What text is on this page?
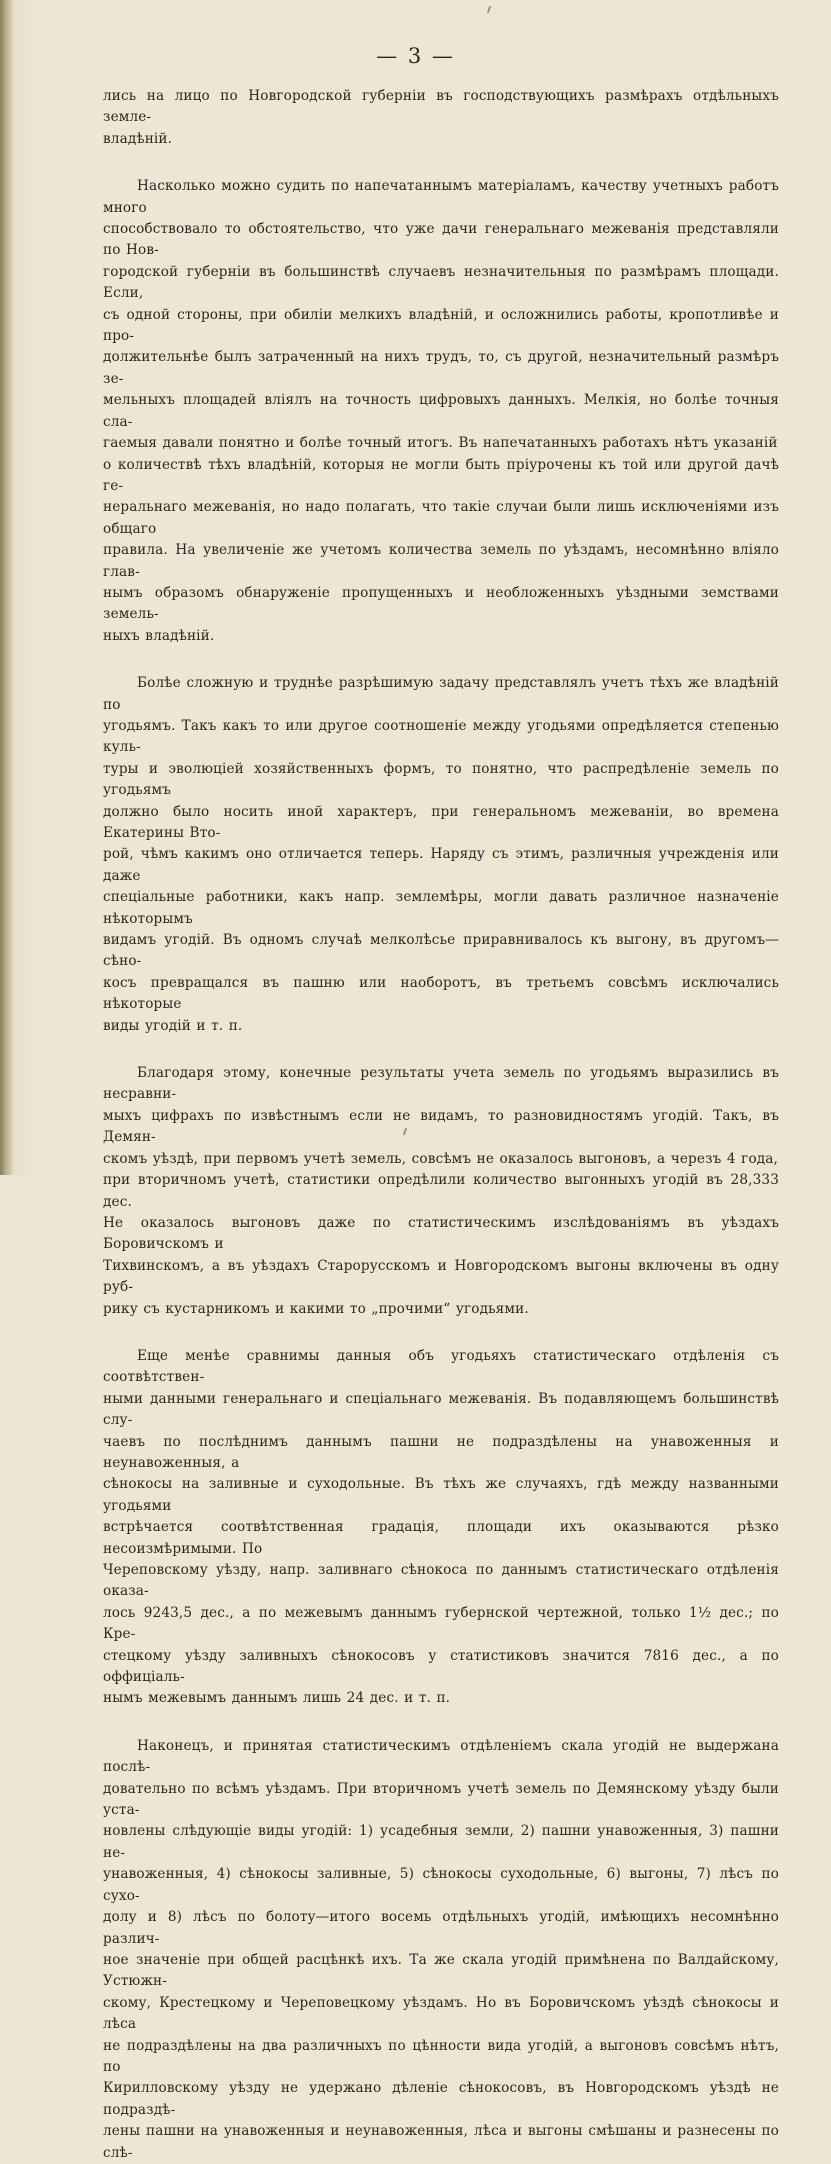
— 3 —

лись на лицо по Новгородской губернiи въ господствующихъ размѣрахъ отдѣльныхъ земле-
владѣнiй.

Насколько можно судить по напечатаннымъ матерiаламъ, качеству учетныхъ работъ много
способствовало то обстоятельство, что уже дачи генеральнаго межеванiя представляли по Нов-
городской губернiи въ большинствѣ случаевъ незначительныя по размѣрамъ площади. Если,
съ одной стороны, при обилiи мелкихъ владѣнiй, и осложнились работы, кропотливѣе и про-
должительнѣе былъ затраченный на нихъ трудъ, то, съ другой, незначительный размѣръ зе-
мельныхъ площадей влiялъ на точность цифровыхъ данныхъ. Мелкiя, но болѣе точныя сла-
гаемыя давали понятно и болѣе точный итогъ. Въ напечатанныхъ работахъ нѣтъ указанiй
о количествѣ тѣхъ владѣнiй, которыя не могли быть прiурочены къ той или другой дачѣ ге-
неральнаго межеванiя, но надо полагать, что такiе случаи были лишь исключенiями изъ общаго
правила. На увеличенiе же учетомъ количества земель по уѣздамъ, несомнѣнно влiяло глав-
нымъ образомъ обнаруженiе пропущенныхъ и необложенныхъ уѣздными земствами земель-
ныхъ владѣнiй.

Болѣе сложную и труднѣе разрѣшимую задачу представлялъ учетъ тѣхъ же владѣнiй по
угодьямъ. Такъ какъ то или другое соотношенiе между угодьями опредѣляется степенью куль-
туры и эволюцiей хозяйственныхъ формъ, то понятно, что распредѣленiе земель по угодьямъ
должно было носить иной характеръ, при генеральномъ межеванiи, во времена Екатерины Вто-
рой, чѣмъ какимъ оно отличается теперь. Наряду съ этимъ, различныя учрежденiя или даже
спецiальные работники, какъ напр. землемѣры, могли давать различное назначенiе нѣкоторымъ
видамъ угодiй. Въ одномъ случаѣ мелколѣсье приравнивалось къ выгону, въ другомъ—сѣно-
косъ превращался въ пашню или наоборотъ, въ третьемъ совсѣмъ исключались нѣкоторые
виды угодiй и т. п.

Благодаря этому, конечные результаты учета земель по угодьямъ выразились въ несравни-
мыхъ цифрахъ по извѣстнымъ если не видамъ, то разновидностямъ угодiй. Такъ, въ Демян-
скомъ уѣздѣ, при первомъ учетѣ земель, совсѣмъ не оказалось выгоновъ, а черезъ 4 года,
при вторичномъ учетѣ, статистики опредѣлили количество выгонныхъ угодiй въ 28,333 дес.
Не оказалось выгоновъ даже по статистическимъ изслѣдованiямъ въ уѣздахъ Боровичскомъ и
Тихвинскомъ, а въ уѣздахъ Старорусскомъ и Новгородскомъ выгоны включены въ одну руб-
рику съ кустарникомъ и какими то „прочими“ угодьями.

Еще менѣе сравнимы данныя объ угодьяхъ статистическаго отдѣленiя съ соотвѣтствен-
ными данными генеральнаго и спецiальнаго межеванiя. Въ подавляющемъ большинствѣ слу-
чаевъ по послѣднимъ даннымъ пашни не подраздѣлены на унавоженныя и неунавоженныя, а
сѣнокосы на заливные и суходольные. Въ тѣхъ же случаяхъ, гдѣ между названными угодьями
встрѣчается соотвѣтственная градацiя, площади ихъ оказываются рѣзко несоизмѣримыми. По
Череповскому уѣзду, напр. заливнаго сѣнокоса по даннымъ статистическаго отдѣленiя оказа-
лось 9243,5 дес., а по межевымъ даннымъ губернской чертежной, только 1½ дес.; по Кре-
стецкому уѣзду заливныхъ сѣнокосовъ у статистиковъ значится 7816 дес., а по оффицiаль-
нымъ межевымъ даннымъ лишь 24 дес. и т. п.

Наконецъ, и принятая статистическимъ отдѣленiемъ скала угодiй не выдержана послѣ-
довательно по всѣмъ уѣздамъ. При вторичномъ учетѣ земель по Демянскому уѣзду были уста-
новлены слѣдующiе виды угодiй: 1) усадебныя земли, 2) пашни унавоженныя, 3) пашни не-
унавоженныя, 4) сѣнокосы заливные, 5) сѣнокосы суходольные, 6) выгоны, 7) лѣсъ по сухо-
долу и 8) лѣсъ по болоту—итого восемь отдѣльныхъ угодiй, имѣющихъ несомнѣнно различ-
ное значенiе при общей расцѣнкѣ ихъ. Та же скала угодiй примѣнена по Валдайскому, Устюжн-
скому, Крестецкому и Череповецкому уѣздамъ. Но въ Боровичскомъ уѣздѣ сѣнокосы и лѣса
не подраздѣлены на два различныхъ по цѣнности вида угодiй, а выгоновъ совсѣмъ нѣтъ, по
Кирилловскому уѣзду не удержано дѣленiе сѣнокосовъ, въ Новгородскомъ уѣздѣ не подраздѣ-
лены пашни на унавоженныя и неунавоженныя, лѣса и выгоны смѣшаны и разнесены по слѣ-
